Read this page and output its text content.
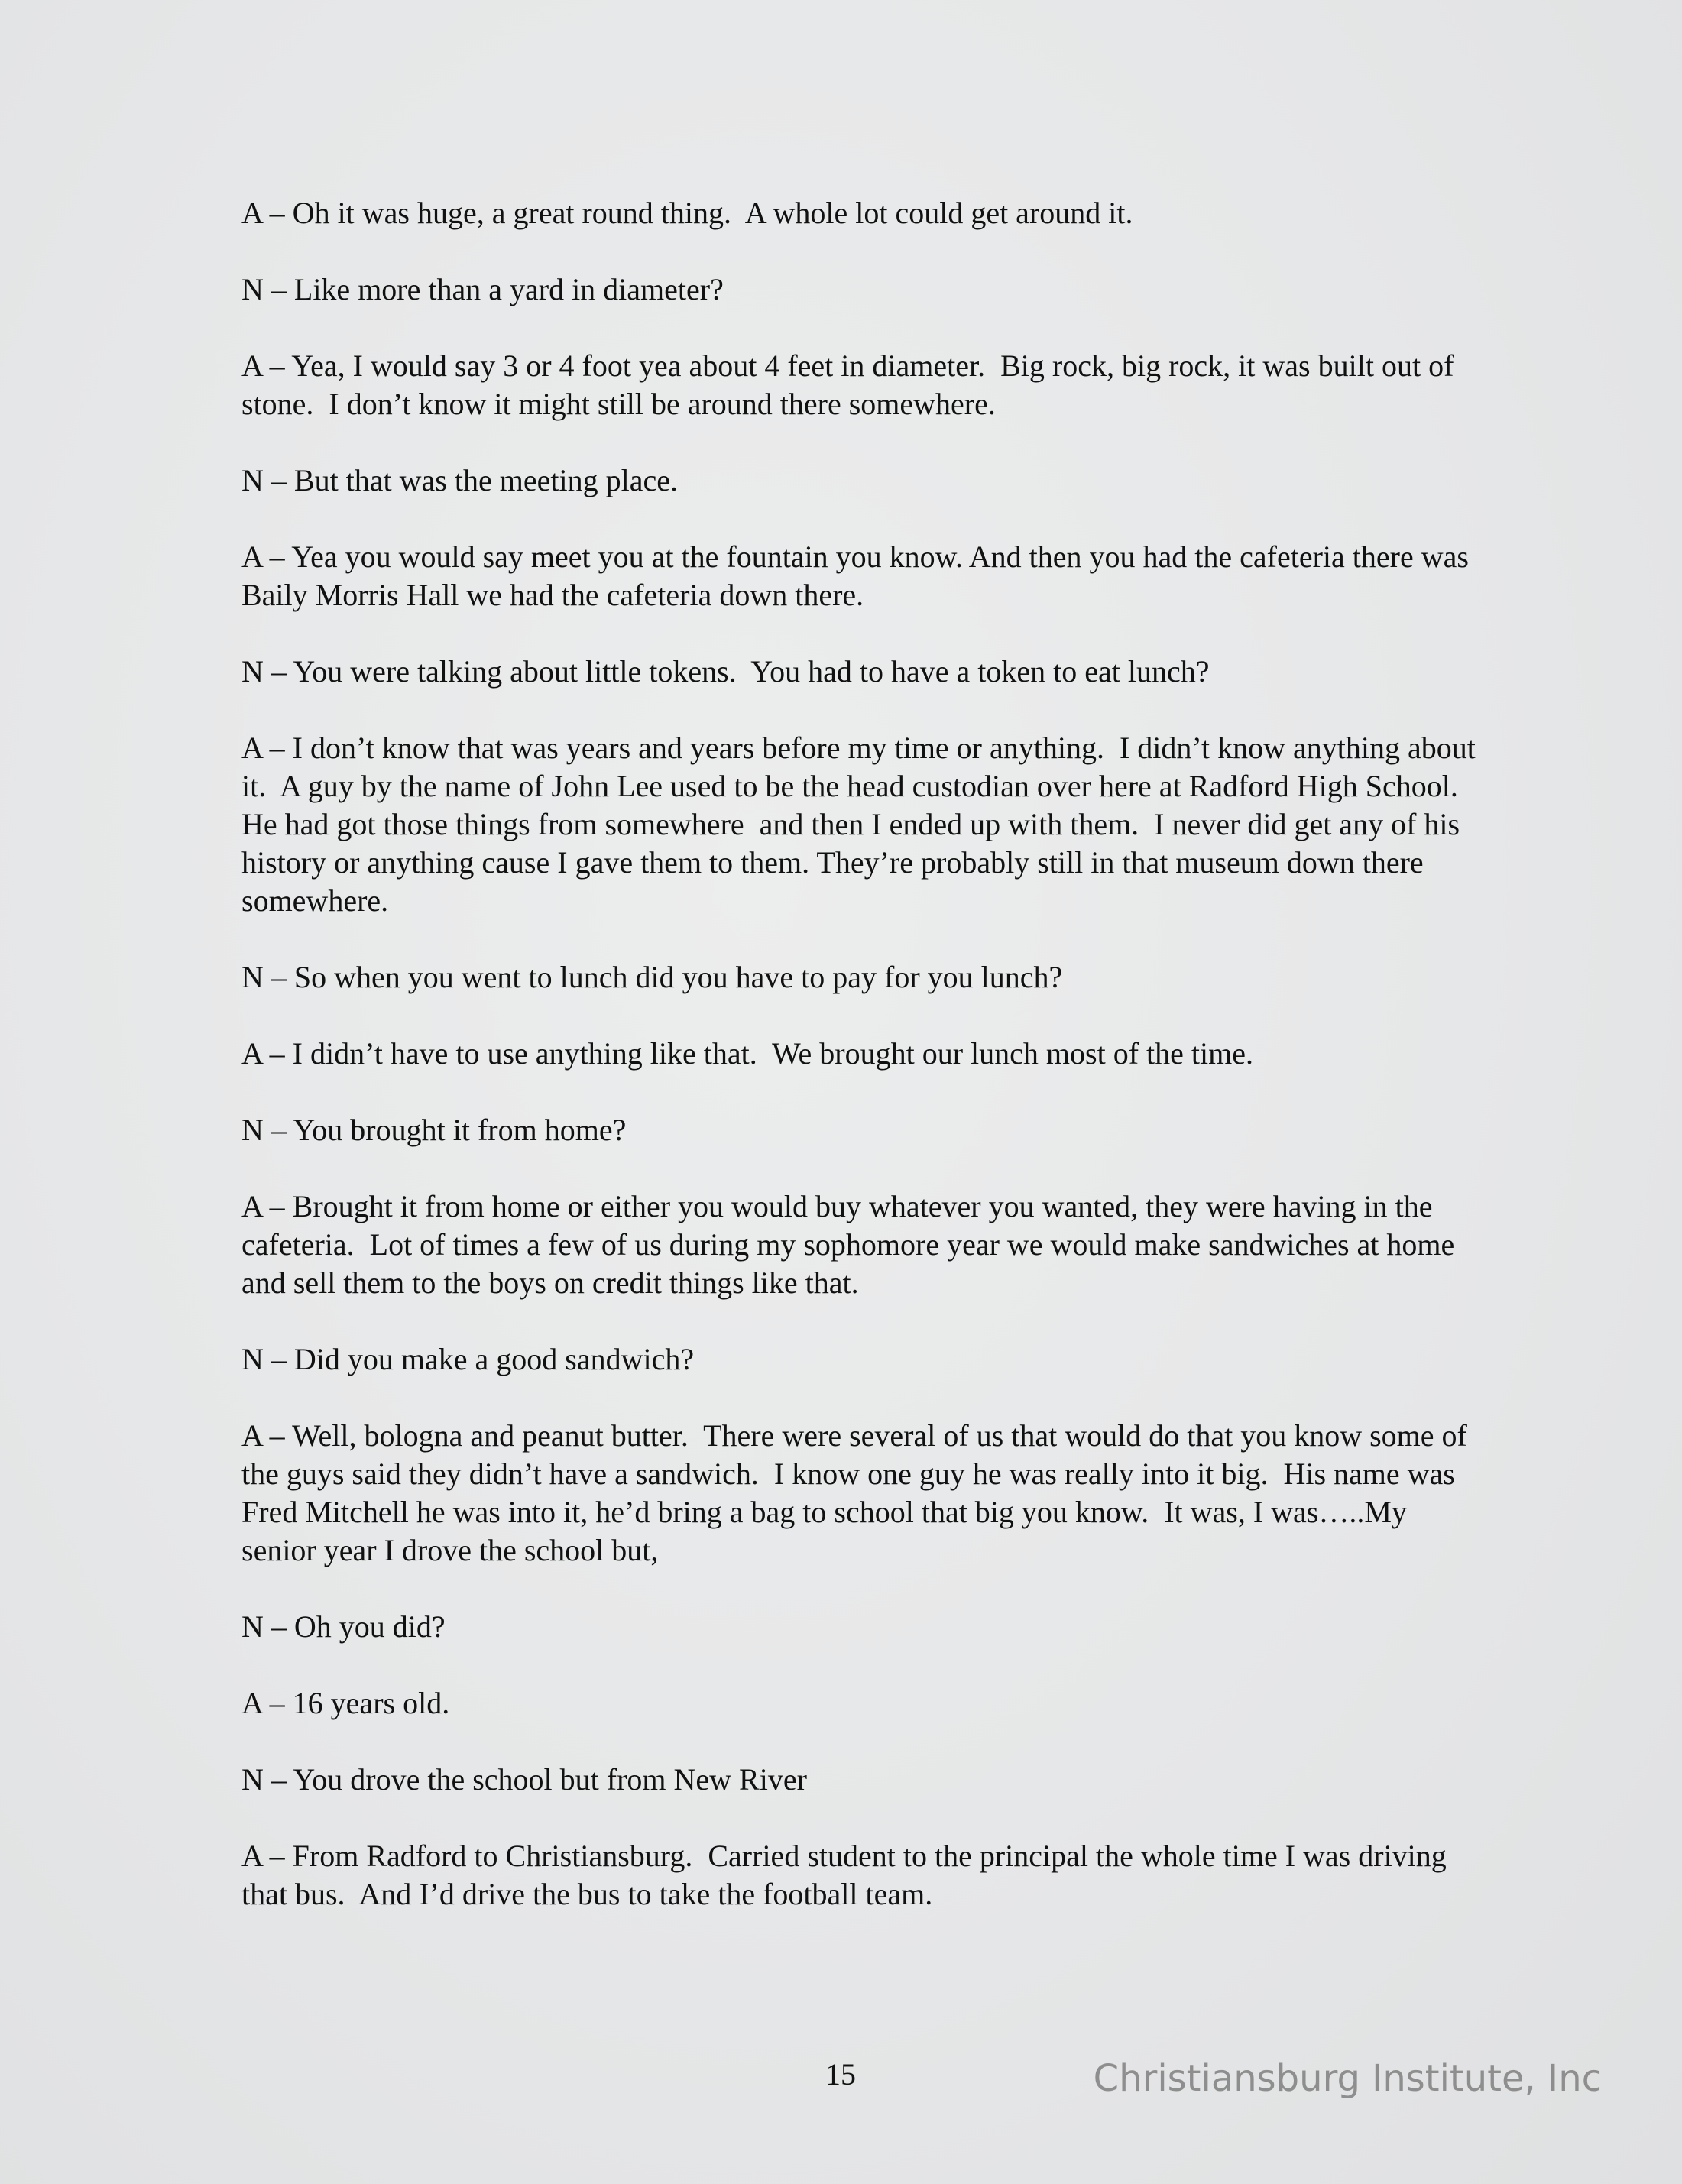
A – Oh it was huge, a great round thing.  A whole lot could get around it.

N – Like more than a yard in diameter?

A – Yea, I would say 3 or 4 foot yea about 4 feet in diameter.  Big rock, big rock, it was built out of stone.  I don’t know it might still be around there somewhere.

N – But that was the meeting place.

A – Yea you would say meet you at the fountain you know. And then you had the cafeteria there was Baily Morris Hall we had the cafeteria down there.

N – You were talking about little tokens.  You had to have a token to eat lunch?

A – I don’t know that was years and years before my time or anything.  I didn’t know anything about it.  A guy by the name of John Lee used to be the head custodian over here at Radford High School.  He had got those things from somewhere  and then I ended up with them.  I never did get any of his history or anything cause I gave them to them. They’re probably still in that museum down there somewhere.

N – So when you went to lunch did you have to pay for you lunch?

A – I didn’t have to use anything like that.  We brought our lunch most of the time.

N – You brought it from home?

A – Brought it from home or either you would buy whatever you wanted, they were having in the cafeteria.  Lot of times a few of us during my sophomore year we would make sandwiches at home and sell them to the boys on credit things like that.

N – Did you make a good sandwich?

A – Well, bologna and peanut butter.  There were several of us that would do that you know some of the guys said they didn’t have a sandwich.  I know one guy he was really into it big.  His name was Fred Mitchell he was into it, he’d bring a bag to school that big you know.  It was, I was…..My senior year I drove the school but,

N – Oh you did?

A – 16 years old.

N – You drove the school but from New River

A – From Radford to Christiansburg.  Carried student to the principal the whole time I was driving that bus.  And I’d drive the bus to take the football team.

15	Christiansburg Institute, Inc
